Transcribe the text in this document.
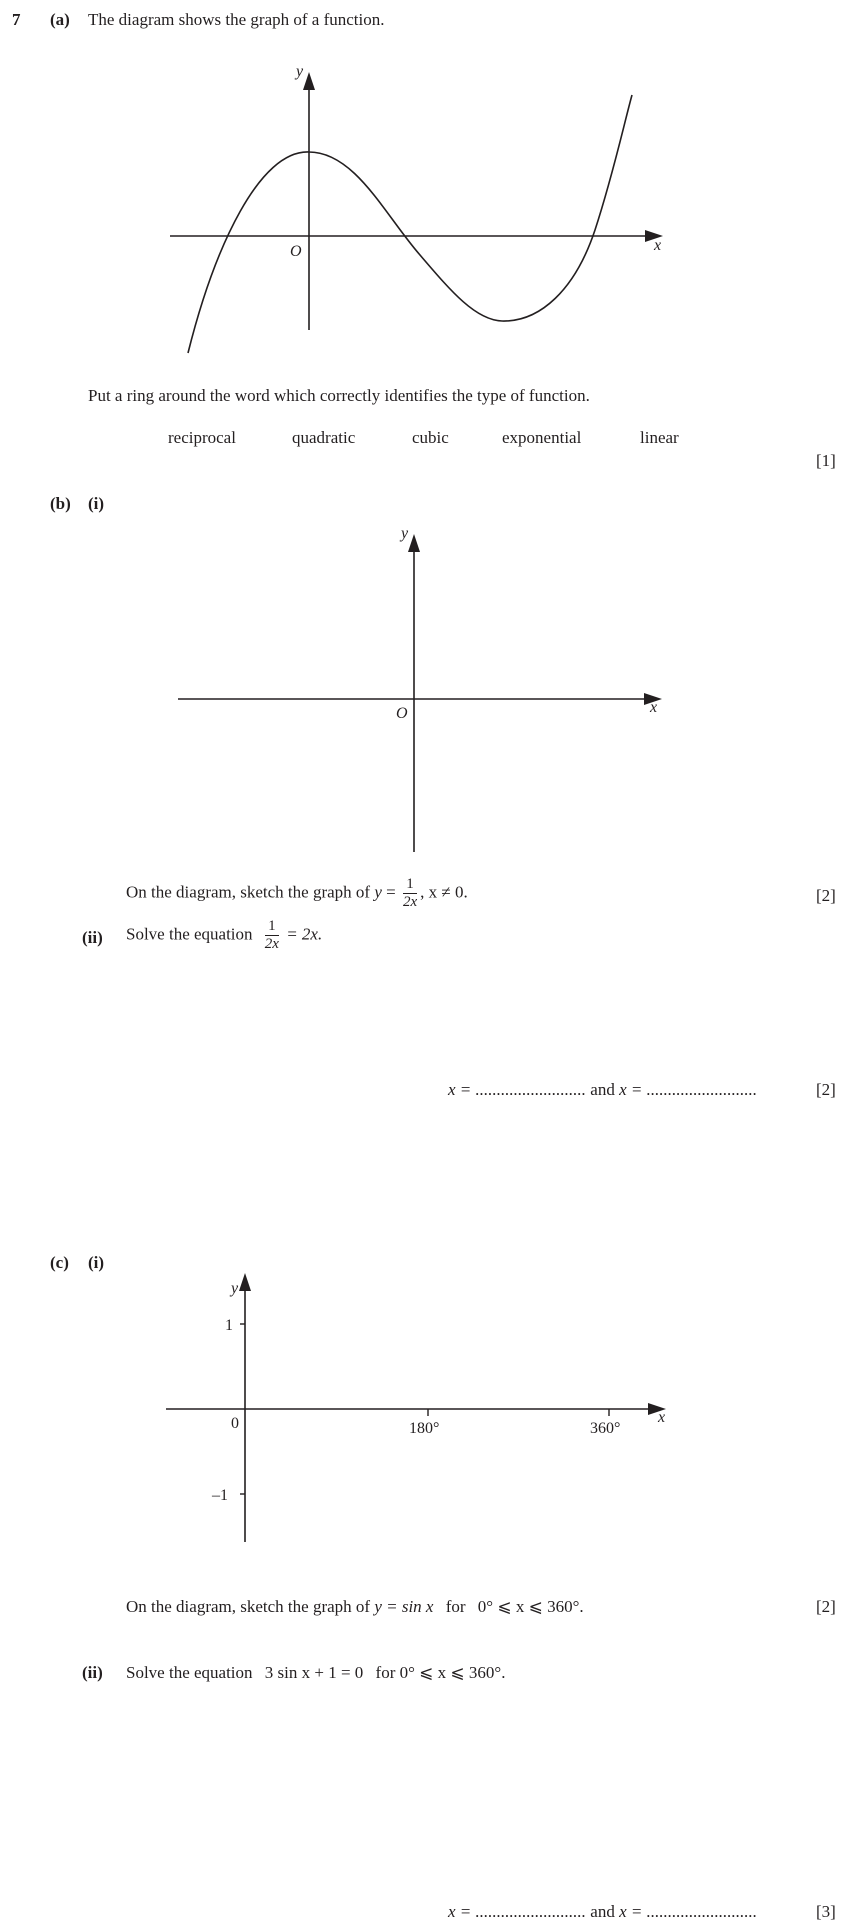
7 (a) The diagram shows the graph of a function.
y
x
O
Put a ring around the word which correctly identifies the type of function.
reciprocal	quadratic	cubic	exponential	linear
[1]
(b) (i)
y
x
O
On the diagram, sketch the graph of $y = \frac{1}{2x}$ , x ≠ 0.	[2]
(ii) Solve the equation $\frac{1}{2x} = 2x$.
x = .......................... and x = ..........................	[2]
(c) (i)
y
x
0
1
–1
180°	360°
On the diagram, sketch the graph of y = sin x for 0° ⩽ x ⩽ 360°.	[2]
(ii) Solve the equation 3 sin x + 1 = 0 for 0° ⩽ x ⩽ 360°.
x = .......................... and x = ..........................	[3]
